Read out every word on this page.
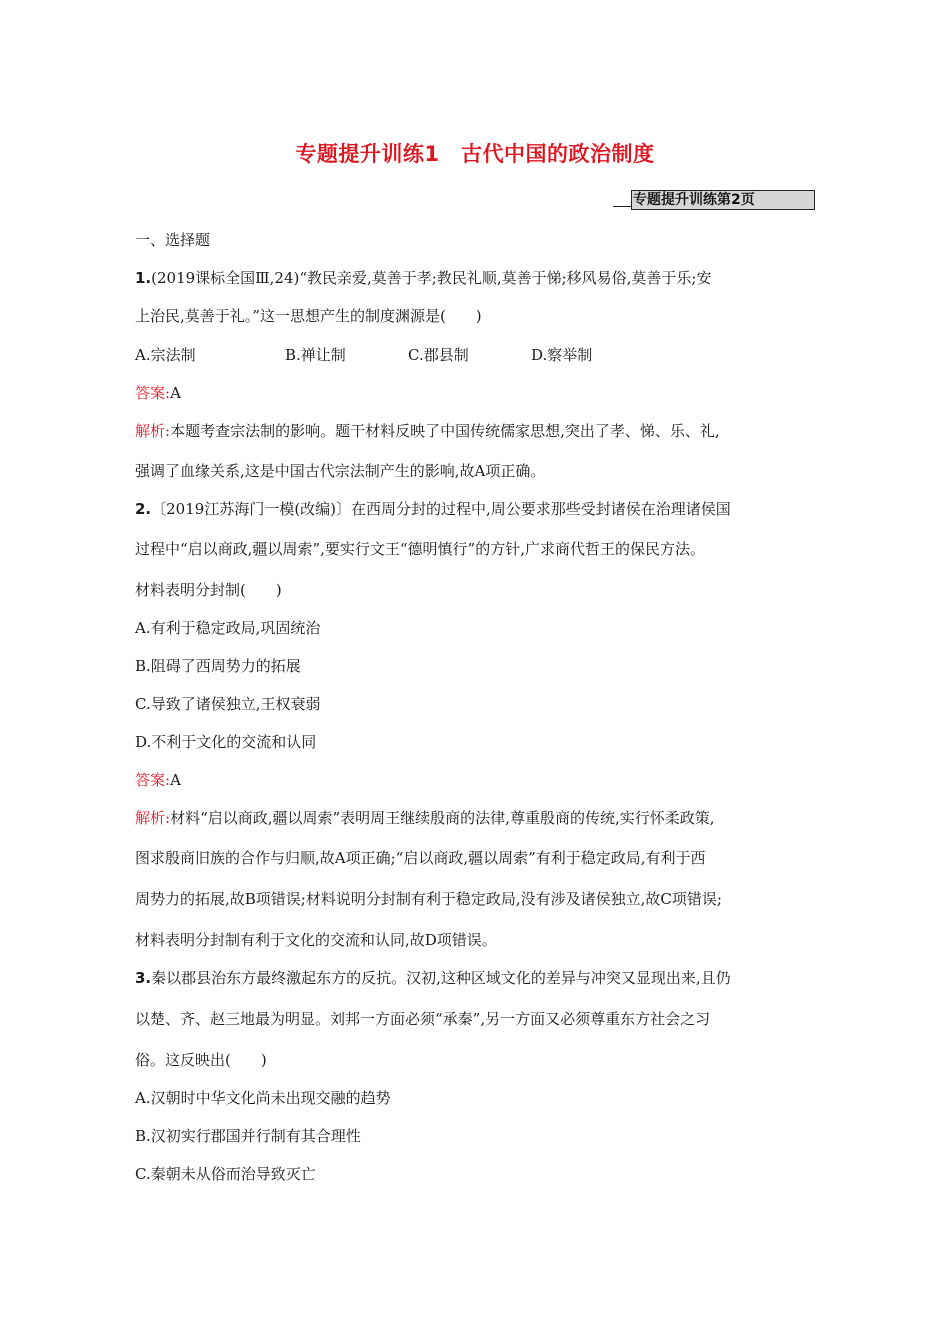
专题提升训练1　古代中国的政治制度
专题提升训练第2页
一、选择题
1.(2019课标全国Ⅲ,24)“教民亲爱,莫善于孝;教民礼顺,莫善于悌;移风易俗,莫善于乐;安
上治民,莫善于礼。”这一思想产生的制度渊源是(　　)
A.宗法制	B.禅让制	C.郡县制	D.察举制
答案:A
解析:本题考查宗法制的影响。题干材料反映了中国传统儒家思想,突出了孝、悌、乐、礼,
强调了血缘关系,这是中国古代宗法制产生的影响,故A项正确。
2.〔2019江苏海门一模(改编)〕在西周分封的过程中,周公要求那些受封诸侯在治理诸侯国
过程中“启以商政,疆以周索”,要实行文王“德明慎行”的方针,广求商代哲王的保民方法。
材料表明分封制(　　)
A.有利于稳定政局,巩固统治
B.阻碍了西周势力的拓展
C.导致了诸侯独立,王权衰弱
D.不利于文化的交流和认同
答案:A
解析:材料“启以商政,疆以周索”表明周王继续殷商的法律,尊重殷商的传统,实行怀柔政策,
图求殷商旧族的合作与归顺,故A项正确;“启以商政,疆以周索”有利于稳定政局,有利于西
周势力的拓展,故B项错误;材料说明分封制有利于稳定政局,没有涉及诸侯独立,故C项错误;
材料表明分封制有利于文化的交流和认同,故D项错误。
3.秦以郡县治东方最终激起东方的反抗。汉初,这种区域文化的差异与冲突又显现出来,且仍
以楚、齐、赵三地最为明显。刘邦一方面必须“承秦”,另一方面又必须尊重东方社会之习
俗。这反映出(　　)
A.汉朝时中华文化尚未出现交融的趋势
B.汉初实行郡国并行制有其合理性
C.秦朝未从俗而治导致灭亡
